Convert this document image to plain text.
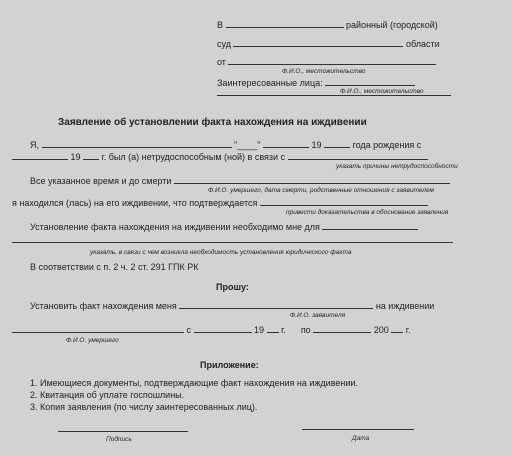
В	районный (городской)
суд	области
от
Ф.И.О., местожительство
Заинтересованные лица:
Ф.И.О., местожительство
Заявление об установлении факта нахождения на иждивении
Я,	"____"	19	года рождения с
19 г. был (а) нетрудоспособным (ной) в связи с
указать причины нетрудоспособности
Все указанное время и до смерти
Ф.И.О. умершего, дата смерти, родственные отношения с заявителем
я находился (лась) на его иждивении, что подтверждается
привести доказательства в обоснование заявления
Установление факта нахождения на иждивении необходимо мне для
указать, в связи с чем возникла необходимость установления юридического факта
В соответствии с п. 2 ч. 2 ст. 291 ГПК РК
Прошу:
Установить факт нахождения меня	на иждивении
Ф.И.О. заявителя
с	19 г. по	200 г.
Ф.И.О. умершего
Приложение:
1. Имеющиеся документы, подтверждающие факт нахождения на иждивении.
2. Квитанция об уплате госпошлины.
3. Копия заявления (по числу заинтересованных лиц).
Подпись	Дата
